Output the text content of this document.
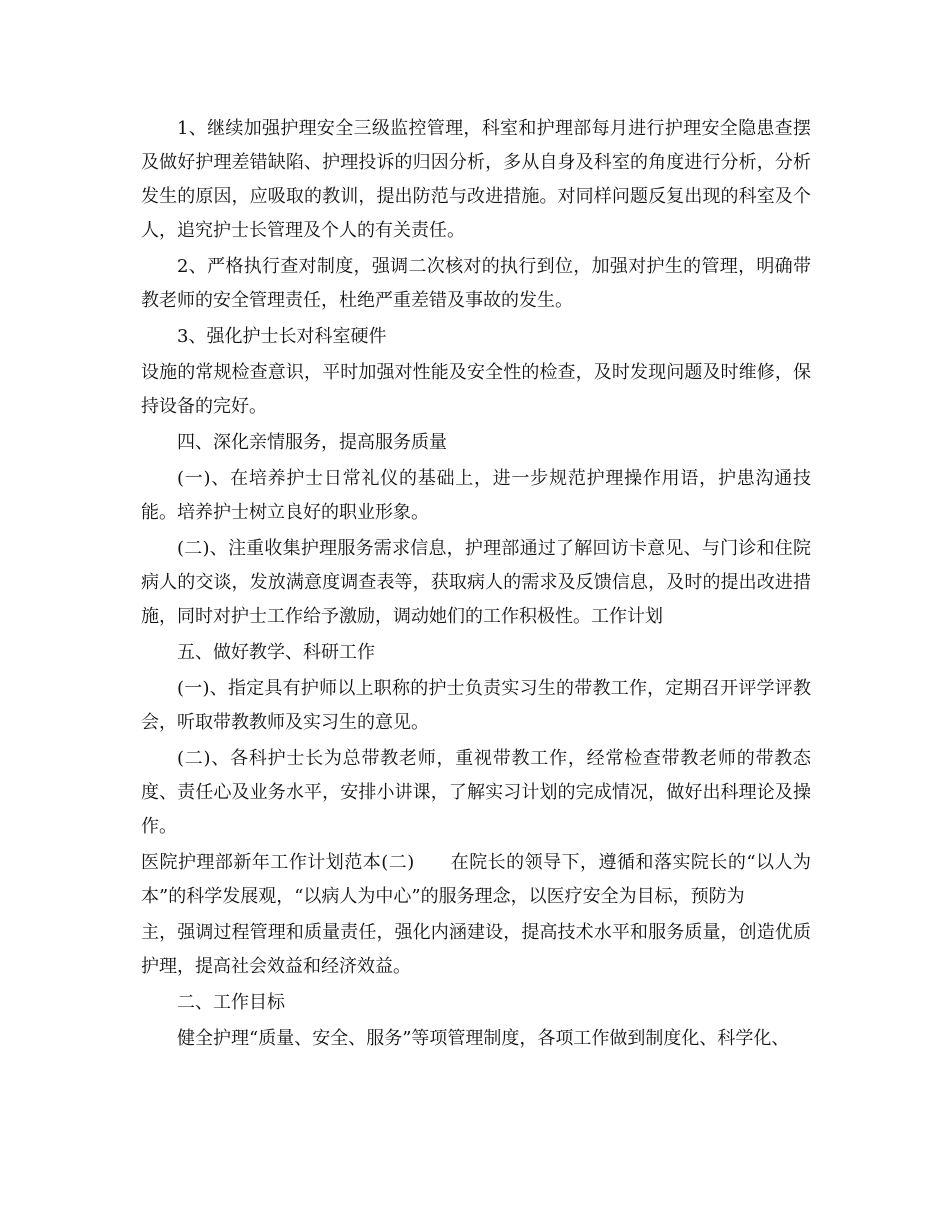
1、继续加强护理安全三级监控管理，科室和护理部每月进行护理安全隐患查摆及做好护理差错缺陷、护理投诉的归因分析，多从自身及科室的角度进行分析，分析发生的原因，应吸取的教训，提出防范与改进措施。对同样问题反复出现的科室及个人，追究护士长管理及个人的有关责任。

2、严格执行查对制度，强调二次核对的执行到位，加强对护生的管理，明确带教老师的安全管理责任，杜绝严重差错及事故的发生。

3、强化护士长对科室硬件

设施的常规检查意识，平时加强对性能及安全性的检查，及时发现问题及时维修，保持设备的完好。

四、深化亲情服务，提高服务质量

(一)、在培养护士日常礼仪的基础上，进一步规范护理操作用语，护患沟通技能。培养护士树立良好的职业形象。

(二)、注重收集护理服务需求信息，护理部通过了解回访卡意见、与门诊和住院病人的交谈，发放满意度调查表等，获取病人的需求及反馈信息，及时的提出改进措施，同时对护士工作给予激励，调动她们的工作积极性。工作计划

五、做好教学、科研工作

(一)、指定具有护师以上职称的护士负责实习生的带教工作，定期召开评学评教会，听取带教教师及实习生的意见。

(二)、各科护士长为总带教老师，重视带教工作，经常检查带教老师的带教态度、责任心及业务水平，安排小讲课，了解实习计划的完成情况，做好出科理论及操作。

医院护理部新年工作计划范本(二) 在院长的领导下，遵循和落实院长的“以人为本”的科学发展观，“以病人为中心”的服务理念，以医疗安全为目标，预防为

主，强调过程管理和质量责任，强化内涵建设，提高技术水平和服务质量，创造优质护理，提高社会效益和经济效益。

二、工作目标

健全护理“质量、安全、服务”等项管理制度，各项工作做到制度化、科学化、
